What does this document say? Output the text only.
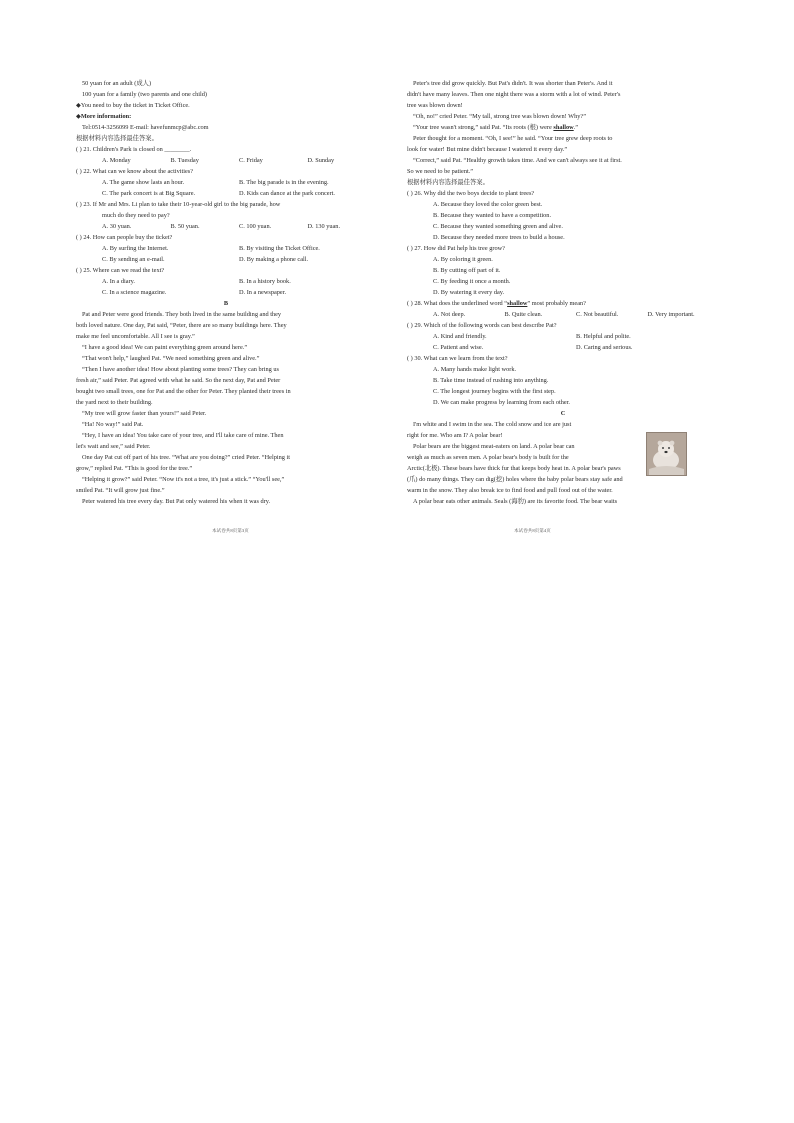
50 yuan for an adult (成人)
100 yuan for a family (two parents and one child)
◆You need to buy the ticket in Ticket Office.
◆More information:
Tel:0514-3256099 E-mail: havefunmcp@abc.com
根据材料内容选择最佳答案。
( ) 21. Children's Park is closed on ________.
A. Monday	B. Tuesday	C. Friday	D. Sunday
( ) 22. What can we know about the activities?
A. The game show lasts an hour.	B. The big parade is in the evening.
C. The park concert is at Big Square.	D. Kids can dance at the park concert.
( ) 23. If Mr and Mrs. Li plan to take their 10-year-old girl to the big parade, how
much do they need to pay?
A. 30 yuan.	B. 50 yuan.	C. 100 yuan.	D. 130 yuan.
( ) 24. How can people buy the ticket?
A. By surfing the Internet.	B. By visiting the Ticket Office.
C. By sending an e-mail.	D. By making a phone call.
( ) 25. Where can we read the text?
A. In a diary.	B. In a history book.
C. In a science magazine.	D. In a newspaper.
B
Pat and Peter were good friends. They both lived in the same building and they
both loved nature. One day, Pat said, “Peter, there are so many buildings here. They
make me feel uncomfortable. All I see is gray.”
“I have a good idea! We can paint everything green around here.”
“That won't help,” laughed Pat. “We need something green and alive.”
“Then I have another idea! How about planting some trees? They can bring us
fresh air,” said Peter. Pat agreed with what he said. So the next day, Pat and Peter
bought two small trees, one for Pat and the other for Peter. They planted their trees in
the yard next to their building.
“My tree will grow faster than yours!” said Peter.
“Ha! No way!” said Pat.
“Hey, I have an idea! You take care of your tree, and I'll take care of mine. Then
let's wait and see,” said Peter.
One day Pat cut off part of his tree. “What are you doing?” cried Peter. “Helping it
grow,” replied Pat. “This is good for the tree.”
“Helping it grow?” said Peter. “Now it's not a tree, it's just a stick.” “You'll see,”
smiled Pat. “It will grow just fine.”
Peter watered his tree every day. But Pat only watered his when it was dry.
本试卷共8页第3页
Peter's tree did grow quickly. But Pat's didn't. It was shorter than Peter's. And it
didn't have many leaves. Then one night there was a storm with a lot of wind. Peter's
tree was blown down!
“Oh, no!” cried Peter. “My tall, strong tree was blown down! Why?”
“Your tree wasn't strong,” said Pat. “Its roots (根) were shallow.”
Peter thought for a moment. “Oh, I see!” he said. “Your tree grew deep roots to
look for water! But mine didn't because I watered it every day.”
“Correct,” said Pat. “Healthy growth takes time. And we can't always see it at first.
So we need to be patient.”
根据材料内容选择最佳答案。
( ) 26. Why did the two boys decide to plant trees?
A. Because they loved the color green best.
B. Because they wanted to have a competition.
C. Because they wanted something green and alive.
D. Because they needed more trees to build a house.
( ) 27. How did Pat help his tree grow?
A. By coloring it green.
B. By cutting off part of it.
C. By feeding it once a month.
D. By watering it every day.
( ) 28. What does the underlined word “shallow” most probably mean?
A. Not deep.	B. Quite clean.	C. Not beautiful.	D. Very important.
( ) 29. Which of the following words can best describe Pat?
A. Kind and friendly.	B. Helpful and polite.
C. Patient and wise.	D. Caring and serious.
( ) 30. What can we learn from the text?
A. Many hands make light work.
B. Take time instead of rushing into anything.
C. The longest journey begins with the first step.
D. We can make progress by learning from each other.
C
I'm white and I swim in the sea. The cold snow and ice are just
right for me. Who am I? A polar bear!
Polar bears are the biggest meat-eaters on land. A polar bear can
weigh as much as seven men. A polar bear's body is built for the
Arctic(北极). These bears have thick fur that keeps body heat in. A polar bear's paws
(爪) do many things. They can dig(挖) holes where the baby polar bears stay safe and
warm in the snow. They also break ice to find food and pull food out of the water.
A polar bear eats other animals. Seals (海豹) are its favorite food. The bear waits
本试卷共8页第4页
